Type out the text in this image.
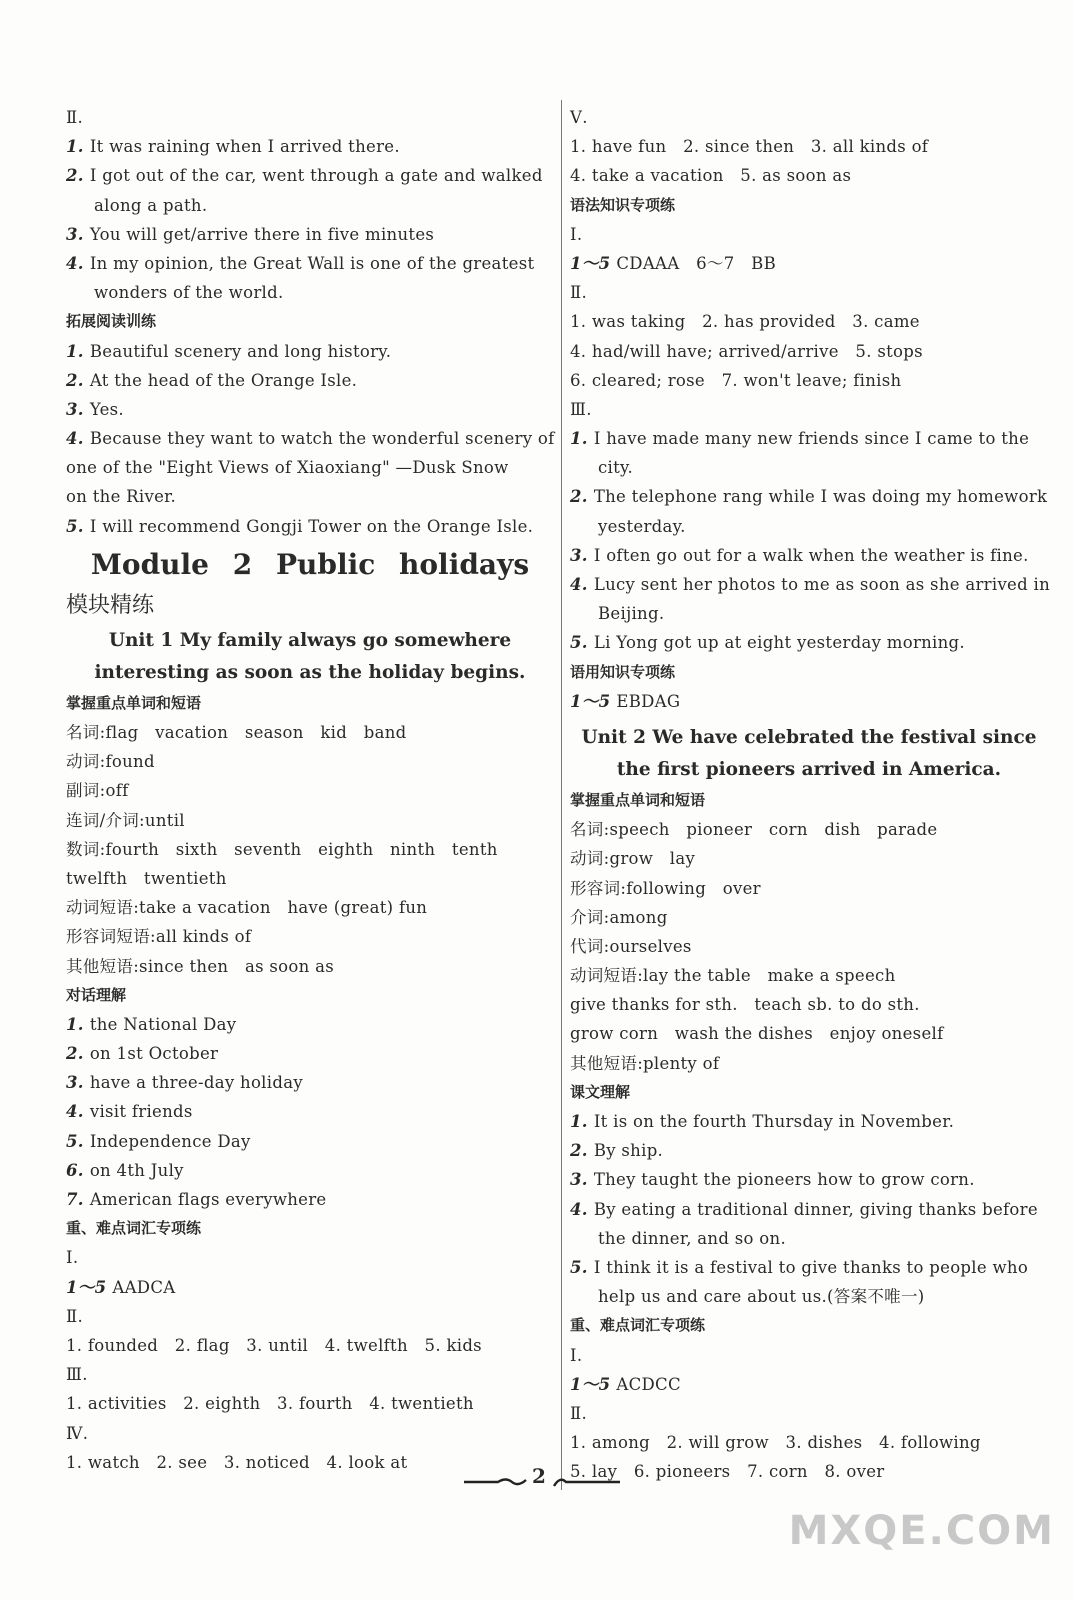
Ⅱ.
1. It was raining when I arrived there.
2. I got out of the car, went through a gate and walked
along a path.
3. You will get/arrive there in five minutes
4. In my opinion, the Great Wall is one of the greatest
wonders of the world.
拓展阅读训练
1. Beautiful scenery and long history.
2. At the head of the Orange Isle.
3. Yes.
4. Because they want to watch the wonderful scenery of
one of the "Eight Views of Xiaoxiang" —Dusk Snow
on the River.
5. I will recommend Gongji Tower on the Orange Isle.
Module 2 Public holidays
模块精练
Unit 1 My family always go somewhere
interesting as soon as the holiday begins.
掌握重点单词和短语
名词:flag   vacation   season   kid   band
动词:found
副词:off
连词/介词:until
数词:fourth   sixth   seventh   eighth   ninth   tenth
twelfth   twentieth
动词短语:take a vacation   have (great) fun
形容词短语:all kinds of
其他短语:since then   as soon as
对话理解
1. the National Day
2. on 1st October
3. have a three-day holiday
4. visit friends
5. Independence Day
6. on 4th July
7. American flags everywhere
重、难点词汇专项练
Ⅰ.
1～5 AADCA
Ⅱ.
1. founded   2. flag   3. until   4. twelfth   5. kids
Ⅲ.
1. activities   2. eighth   3. fourth   4. twentieth
Ⅳ.
1. watch   2. see   3. noticed   4. look at
Ⅴ.
1. have fun   2. since then   3. all kinds of
4. take a vacation   5. as soon as
语法知识专项练
Ⅰ.
1～5 CDAAA   6～7   BB
Ⅱ.
1. was taking   2. has provided   3. came
4. had/will have; arrived/arrive   5. stops
6. cleared; rose   7. won't leave; finish
Ⅲ.
1. I have made many new friends since I came to the
city.
2. The telephone rang while I was doing my homework
yesterday.
3. I often go out for a walk when the weather is fine.
4. Lucy sent her photos to me as soon as she arrived in
Beijing.
5. Li Yong got up at eight yesterday morning.
语用知识专项练
1～5 EBDAG
Unit 2 We have celebrated the festival since
the first pioneers arrived in America.
掌握重点单词和短语
名词:speech   pioneer   corn   dish   parade
动词:grow   lay
形容词:following   over
介词:among
代词:ourselves
动词短语:lay the table   make a speech
give thanks for sth.   teach sb. to do sth.
grow corn   wash the dishes   enjoy oneself
其他短语:plenty of
课文理解
1. It is on the fourth Thursday in November.
2. By ship.
3. They taught the pioneers how to grow corn.
4. By eating a traditional dinner, giving thanks before
the dinner, and so on.
5. I think it is a festival to give thanks to people who
help us and care about us.(答案不唯一)
重、难点词汇专项练
Ⅰ.
1～5 ACDCC
Ⅱ.
1. among   2. will grow   3. dishes   4. following
5. lay   6. pioneers   7. corn   8. over
2
MXQE.COM
